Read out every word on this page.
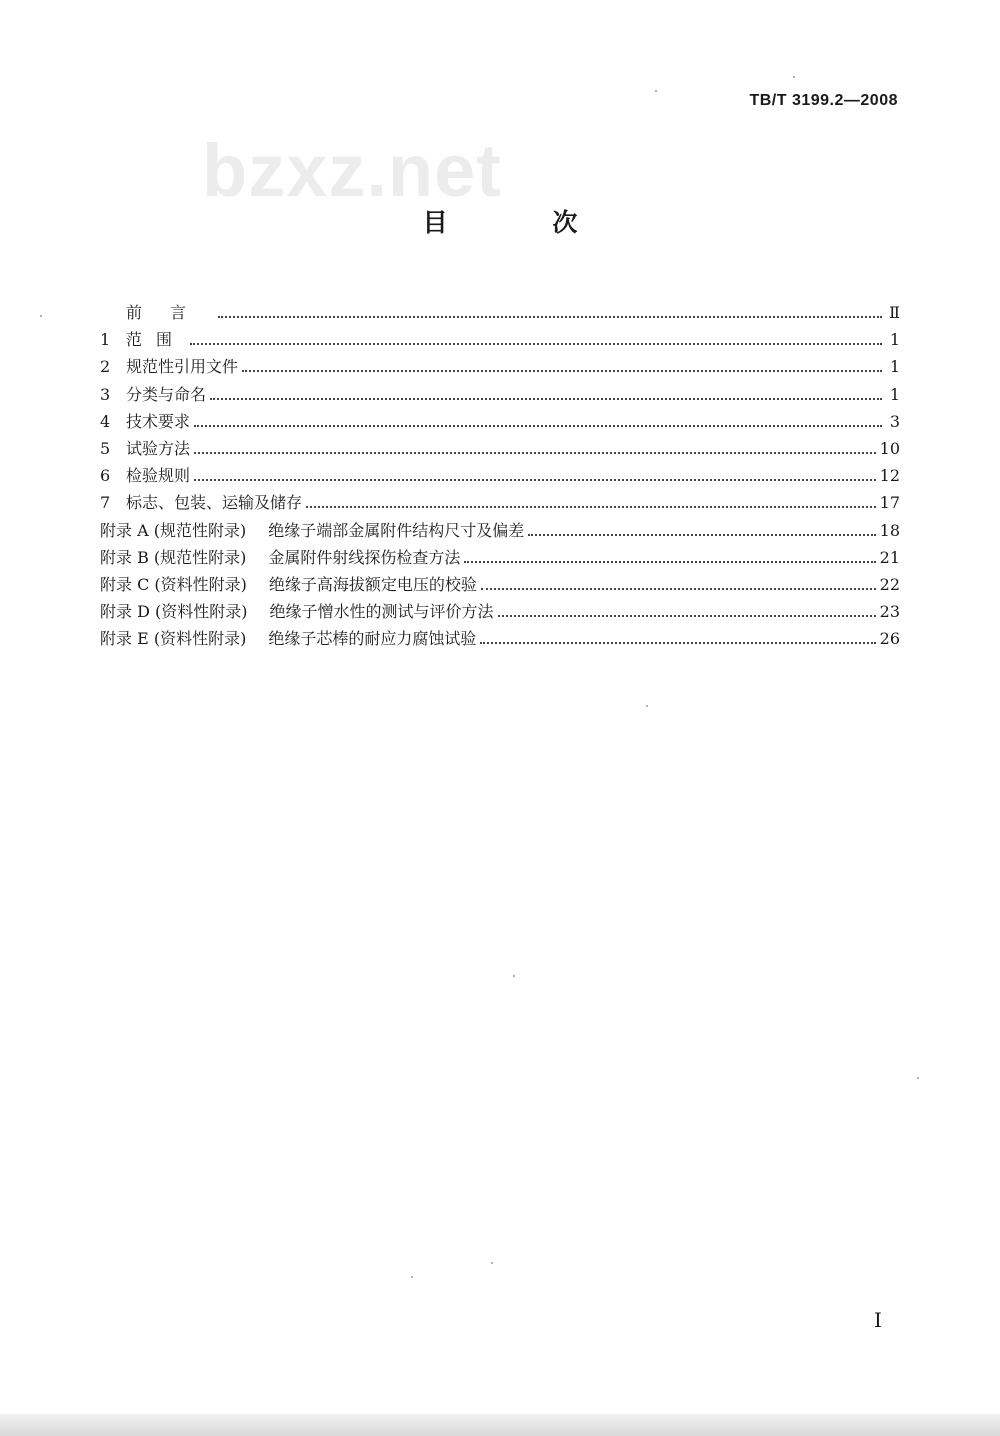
TB/T 3199.2—2008
bzxz.net
目 次
前言	Ⅱ
1 范围	1
2 规范性引用文件	1
3 分类与命名	1
4 技术要求	3
5 试验方法	10
6 检验规则	12
7 标志、包装、运输及储存	17
附录 A (规范性附录) 绝缘子端部金属附件结构尺寸及偏差	18
附录 B (规范性附录) 金属附件射线探伤检查方法	21
附录 C (资料性附录) 绝缘子高海拔额定电压的校验	22
附录 D (资料性附录) 绝缘子憎水性的测试与评价方法	23
附录 E (资料性附录) 绝缘子芯棒的耐应力腐蚀试验	26
I
